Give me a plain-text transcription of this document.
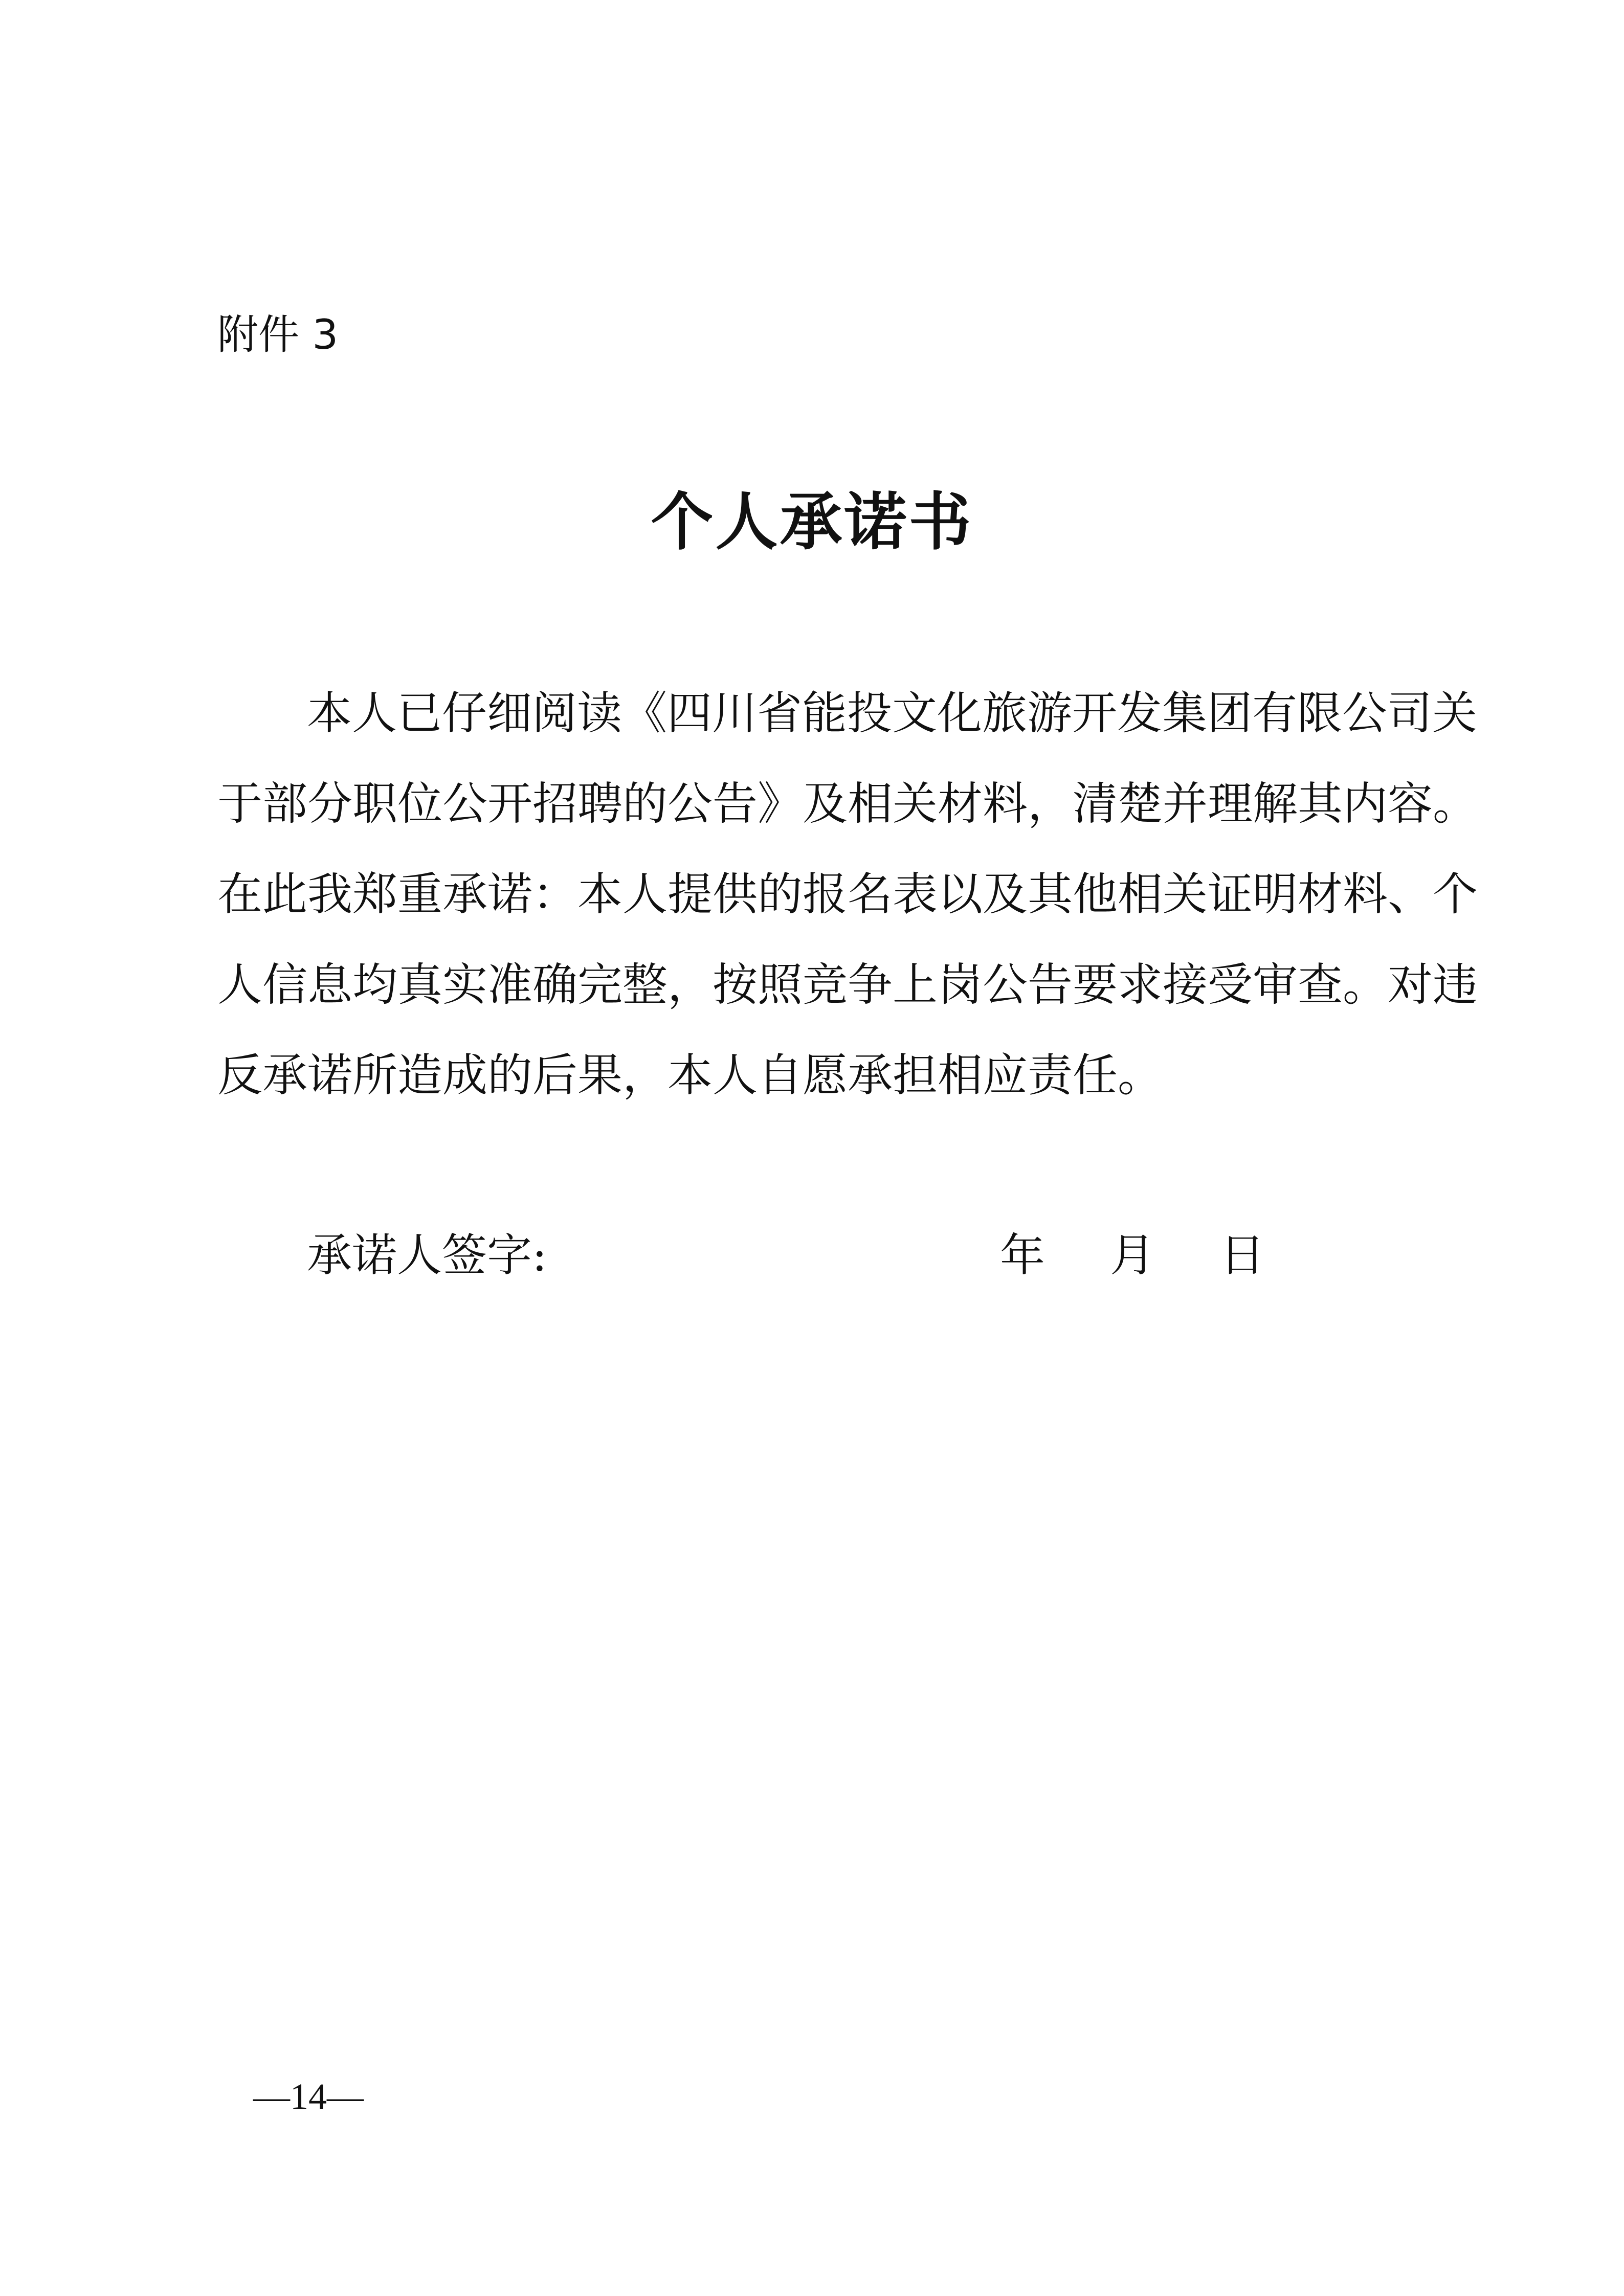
附件 3
个人承诺书
本人已仔细阅读《四川省能投文化旅游开发集团有限公司关
于部分职位公开招聘的公告》及相关材料，清楚并理解其内容。
在此我郑重承诺：本人提供的报名表以及其他相关证明材料、个
人信息均真实准确完整，按照竞争上岗公告要求接受审查。对违
反承诺所造成的后果，本人自愿承担相应责任。
承诺人签字:	年 月 日
—14—
